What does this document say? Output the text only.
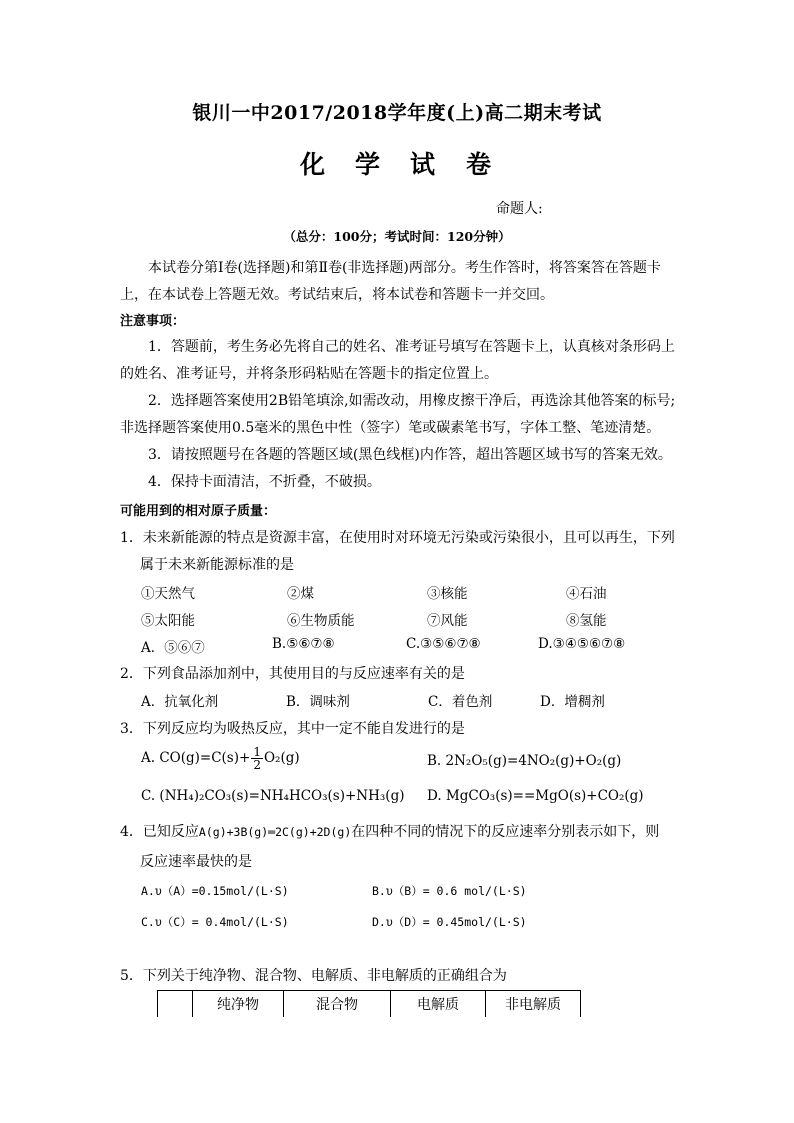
银川一中2017/2018学年度(上)高二期末考试
化 学 试 卷
命题人:
（总分：100分；考试时间：120分钟）
本试卷分第Ⅰ卷(选择题)和第Ⅱ卷(非选择题)两部分。考生作答时，将答案答在答题卡
上，在本试卷上答题无效。考试结束后，将本试卷和答题卡一并交回。
注意事项：
1．答题前，考生务必先将自己的姓名、准考证号填写在答题卡上，认真核对条形码上
的姓名、准考证号，并将条形码粘贴在答题卡的指定位置上。
2．选择题答案使用2B铅笔填涂,如需改动，用橡皮擦干净后，再选涂其他答案的标号;
非选择题答案使用0.5毫米的黑色中性（签字）笔或碳素笔书写，字体工整、笔迹清楚。
3．请按照题号在各题的答题区域(黑色线框)内作答，超出答题区域书写的答案无效。
4．保持卡面清洁，不折叠，不破损。
可能用到的相对原子质量：
1．未来新能源的特点是资源丰富，在使用时对环境无污染或污染很小，且可以再生，下列
属于未来新能源标准的是
①天然气	②煤	③核能	④石油
⑤太阳能	⑥生物质能	⑦风能	⑧氢能
A．⑤⑥⑦	B.⑤⑥⑦⑧	C.③⑤⑥⑦⑧	D.③④⑤⑥⑦⑧
2．下列食品添加剂中，其使用目的与反应速率有关的是
A．抗氧化剂	B．调味剂	C．着色剂	D．增稠剂
3．下列反应均为吸热反应，其中一定不能自发进行的是
A. $CO(g)=C(s)+ \frac{1}{2} O_2(g)$	B. 2N₂O₅(g)=4NO₂(g)+O₂(g)
C. (NH₄)₂CO₃(s)=NH₄HCO₃(s)+NH₃(g) D. MgCO₃(s)==MgO(s)+CO₂(g)
4．已知反应A(g)+3B(g)═2C(g)+2D(g)在四种不同的情况下的反应速率分别表示如下，则
反应速率最快的是
A.υ（A）=0.15mol/(L·S)	B.υ（B）= 0.6 mol/(L·S)
C.υ（C）= 0.4mol/(L·S)	D.υ（D）= 0.45mol/(L·S)
5．下列关于纯净物、混合物、电解质、非电解质的正确组合为
	纯净物	混合物	电解质	非电解质
